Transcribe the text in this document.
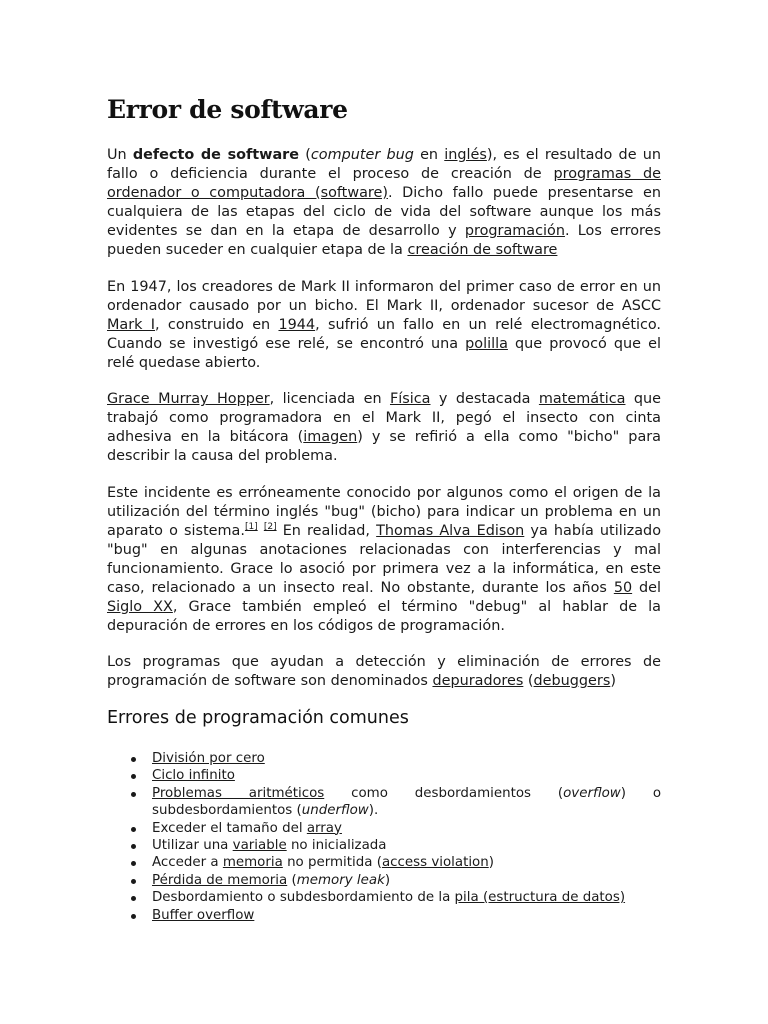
Error de software

Un defecto de software (computer bug en inglés), es el resultado de un fallo o deficiencia durante el proceso de creación de programas de ordenador o computadora (software). Dicho fallo puede presentarse en cualquiera de las etapas del ciclo de vida del software aunque los más evidentes se dan en la etapa de desarrollo y programación. Los errores pueden suceder en cualquier etapa de la creación de software

En 1947, los creadores de Mark II informaron del primer caso de error en un ordenador causado por un bicho. El Mark II, ordenador sucesor de ASCC Mark I, construido en 1944, sufrió un fallo en un relé electromagnético. Cuando se investigó ese relé, se encontró una polilla que provocó que el relé quedase abierto.

Grace Murray Hopper, licenciada en Física y destacada matemática que trabajó como programadora en el Mark II, pegó el insecto con cinta adhesiva en la bitácora (imagen) y se refirió a ella como "bicho" para describir la causa del problema.

Este incidente es erróneamente conocido por algunos como el origen de la utilización del término inglés "bug" (bicho) para indicar un problema en un aparato o sistema.[1] [2] En realidad, Thomas Alva Edison ya había utilizado "bug" en algunas anotaciones relacionadas con interferencias y mal funcionamiento. Grace lo asoció por primera vez a la informática, en este caso, relacionado a un insecto real. No obstante, durante los años 50 del Siglo XX, Grace también empleó el término "debug" al hablar de la depuración de errores en los códigos de programación.

Los programas que ayudan a detección y eliminación de errores de programación de software son denominados depuradores (debuggers)

Errores de programación comunes
División por cero
Ciclo infinito
Problemas aritméticos como desbordamientos (overflow) o subdesbordamientos (underflow).
Exceder el tamaño del array
Utilizar una variable no inicializada
Acceder a memoria no permitida (access violation)
Pérdida de memoria (memory leak)
Desbordamiento o subdesbordamiento de la pila (estructura de datos)
Buffer overflow
